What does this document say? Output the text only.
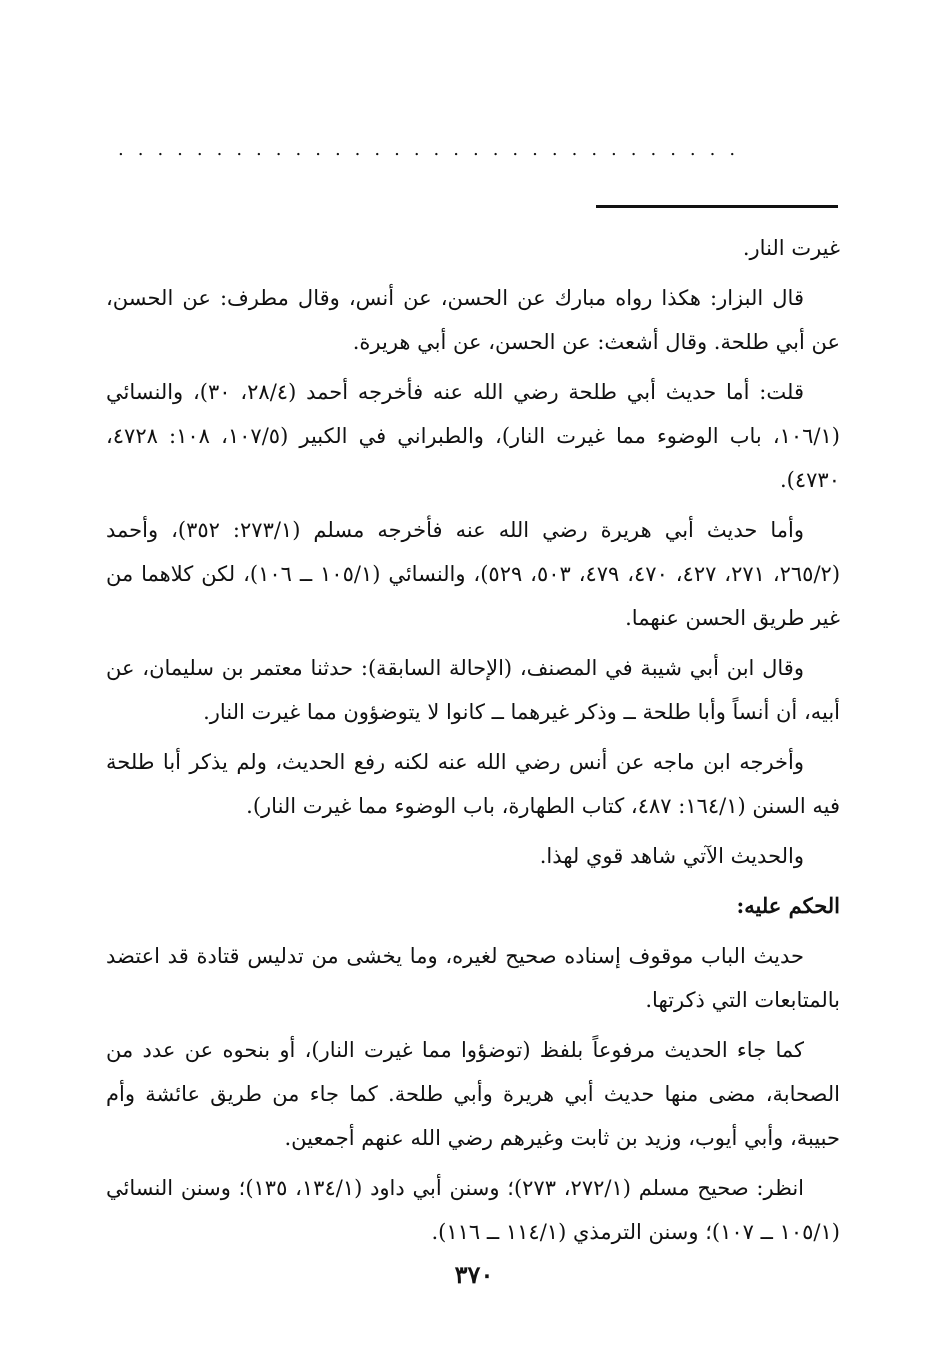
................................

غيرت النار.

قال البزار: هكذا رواه مبارك عن الحسن، عن أنس، وقال مطرف: عن الحسن، عن أبي طلحة. وقال أشعث: عن الحسن، عن أبي هريرة.

قلت: أما حديث أبي طلحة رضي الله عنه فأخرجه أحمد (٢٨/٤، ٣٠)، والنسائي (١٠٦/١، باب الوضوء مما غيرت النار)، والطبراني في الكبير (١٠٧/٥، ١٠٨: ٤٧٢٨، ٤٧٣٠).

وأما حديث أبي هريرة رضي الله عنه فأخرجه مسلم (٢٧٣/١: ٣٥٢)، وأحمد (٢٦٥/٢، ٢٧١، ٤٢٧، ٤٧٠، ٤٧٩، ٥٠٣، ٥٢٩)، والنسائي (١٠٥/١ ــ ١٠٦)، لكن كلاهما من غير طريق الحسن عنهما.

وقال ابن أبي شيبة في المصنف، (الإحالة السابقة): حدثنا معتمر بن سليمان، عن أبيه، أن أنساً وأبا طلحة ــ وذكر غيرهما ــ كانوا لا يتوضؤون مما غيرت النار.

وأخرجه ابن ماجه عن أنس رضي الله عنه لكنه رفع الحديث، ولم يذكر أبا طلحة فيه السنن (١٦٤/١: ٤٨٧، كتاب الطهارة، باب الوضوء مما غيرت النار).

والحديث الآتي شاهد قوي لهذا.

الحكم عليه:

حديث الباب موقوف إسناده صحيح لغيره، وما يخشى من تدليس قتادة قد اعتضد بالمتابعات التي ذكرتها.

كما جاء الحديث مرفوعاً بلفظ (توضؤوا مما غيرت النار)، أو بنحوه عن عدد من الصحابة، مضى منها حديث أبي هريرة وأبي طلحة. كما جاء من طريق عائشة وأم حبيبة، وأبي أيوب، وزيد بن ثابت وغيرهم رضي الله عنهم أجمعين.

انظر: صحيح مسلم (٢٧٢/١، ٢٧٣)؛ وسنن أبي داود (١٣٤/١، ١٣٥)؛ وسنن النسائي (١٠٥/١ ــ ١٠٧)؛ وسنن الترمذي (١١٤/١ ــ ١١٦).

٣٧٠
